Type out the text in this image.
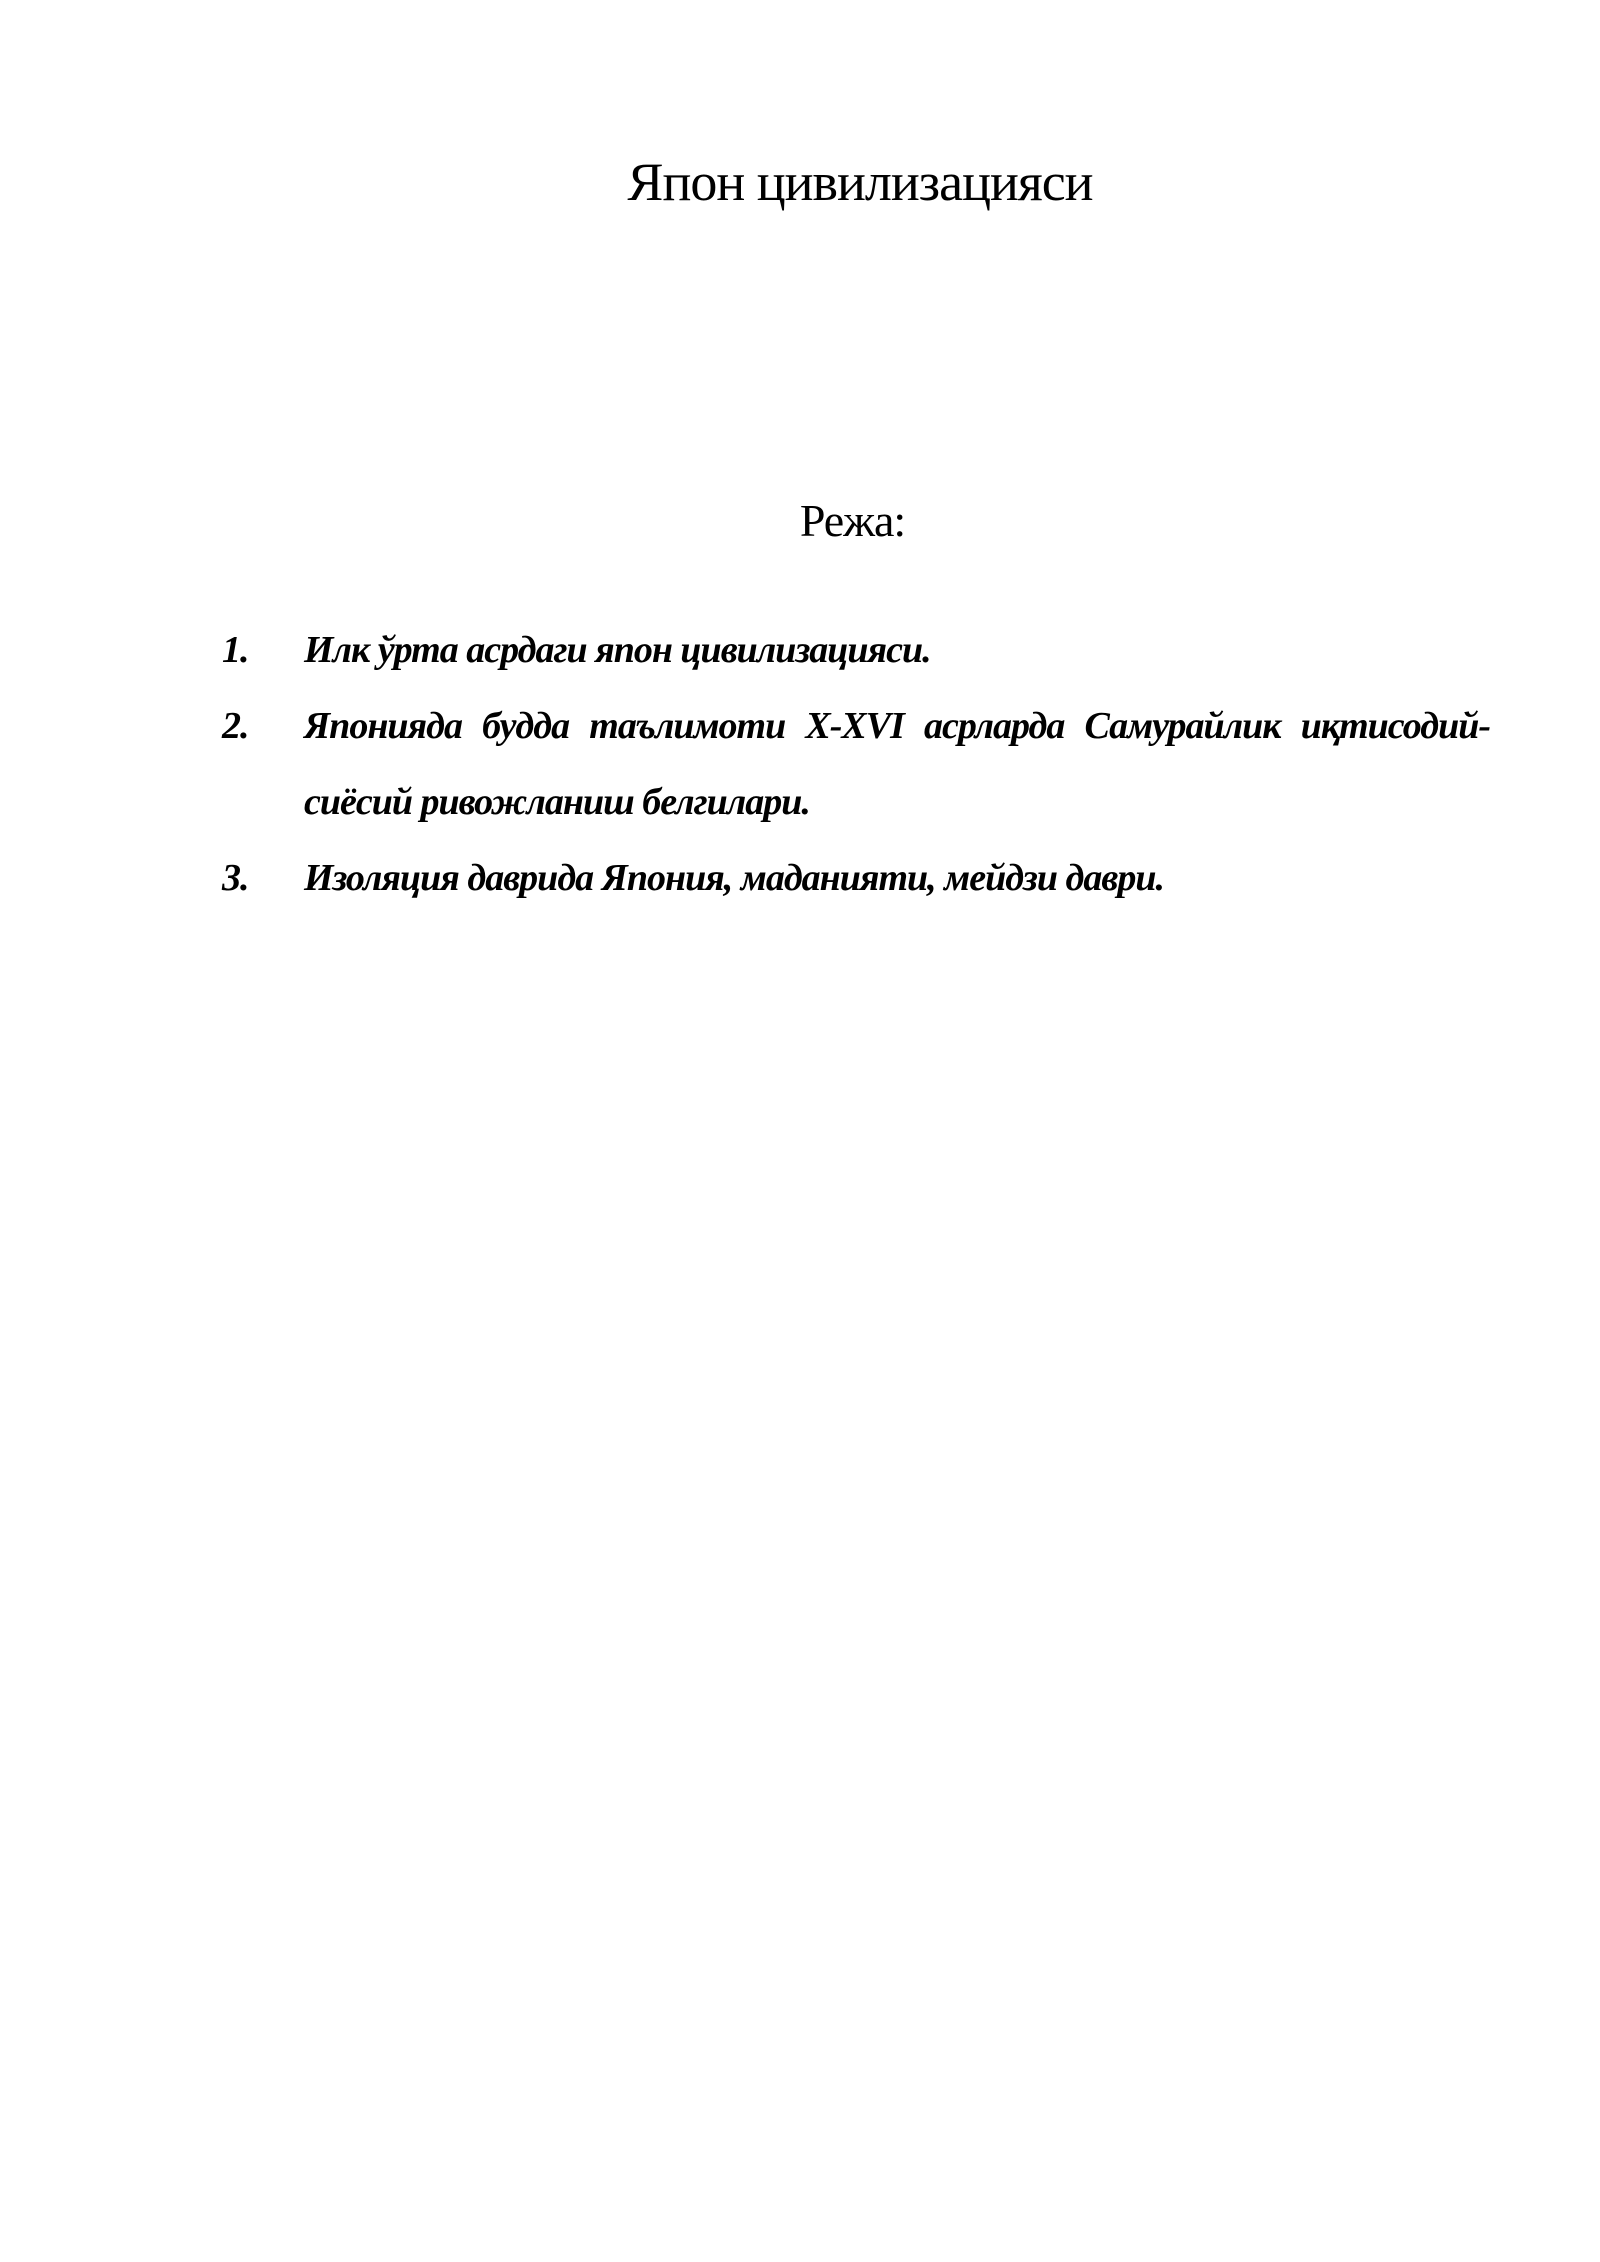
Япон цивилизацияси
Режа:
1. Илк ўрта асрдаги япон цивилизацияси.
2. Японияда будда таълимоти X-XVI асрларда Самурайлик иқтисодий-сиёсий ривожланиш белгилари.
3. Изоляция даврида Япония, маданияти, мейдзи даври.
